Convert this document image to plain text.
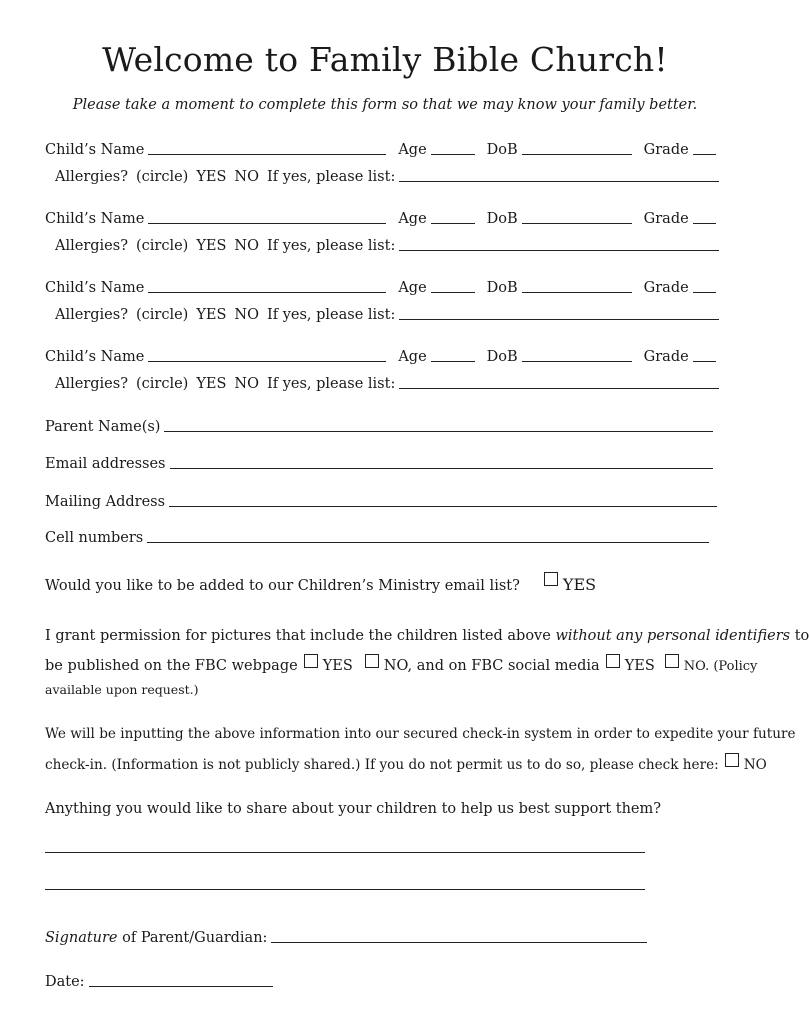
Welcome to Family Bible Church!
Please take a moment to complete this form so that we may know your family better.
Child’s Name	Age	DoB	Grade
Allergies? (circle) YES NO If yes, please list:
Child’s Name	Age	DoB	Grade
Allergies? (circle) YES NO If yes, please list:
Child’s Name	Age	DoB	Grade
Allergies? (circle) YES NO If yes, please list:
Child’s Name	Age	DoB	Grade
Allergies? (circle) YES NO If yes, please list:
Parent Name(s)
Email addresses
Mailing Address
Cell numbers
Would you like to be added to our Children’s Ministry email list?	YES
I grant permission for pictures that include the children listed above
without any personal identifiers
to
be published on the FBC webpage YES NO, and on FBC social media YES NO. (Policy
available upon request.)
We will be inputting the above information into our secured check-in system in order to expedite your future
check-in. (Information is not publicly shared.) If you do not permit us to do so, please check here: NO
Anything you would like to share about your children to help us best support them?
Signature
of Parent/Guardian:
Date:
